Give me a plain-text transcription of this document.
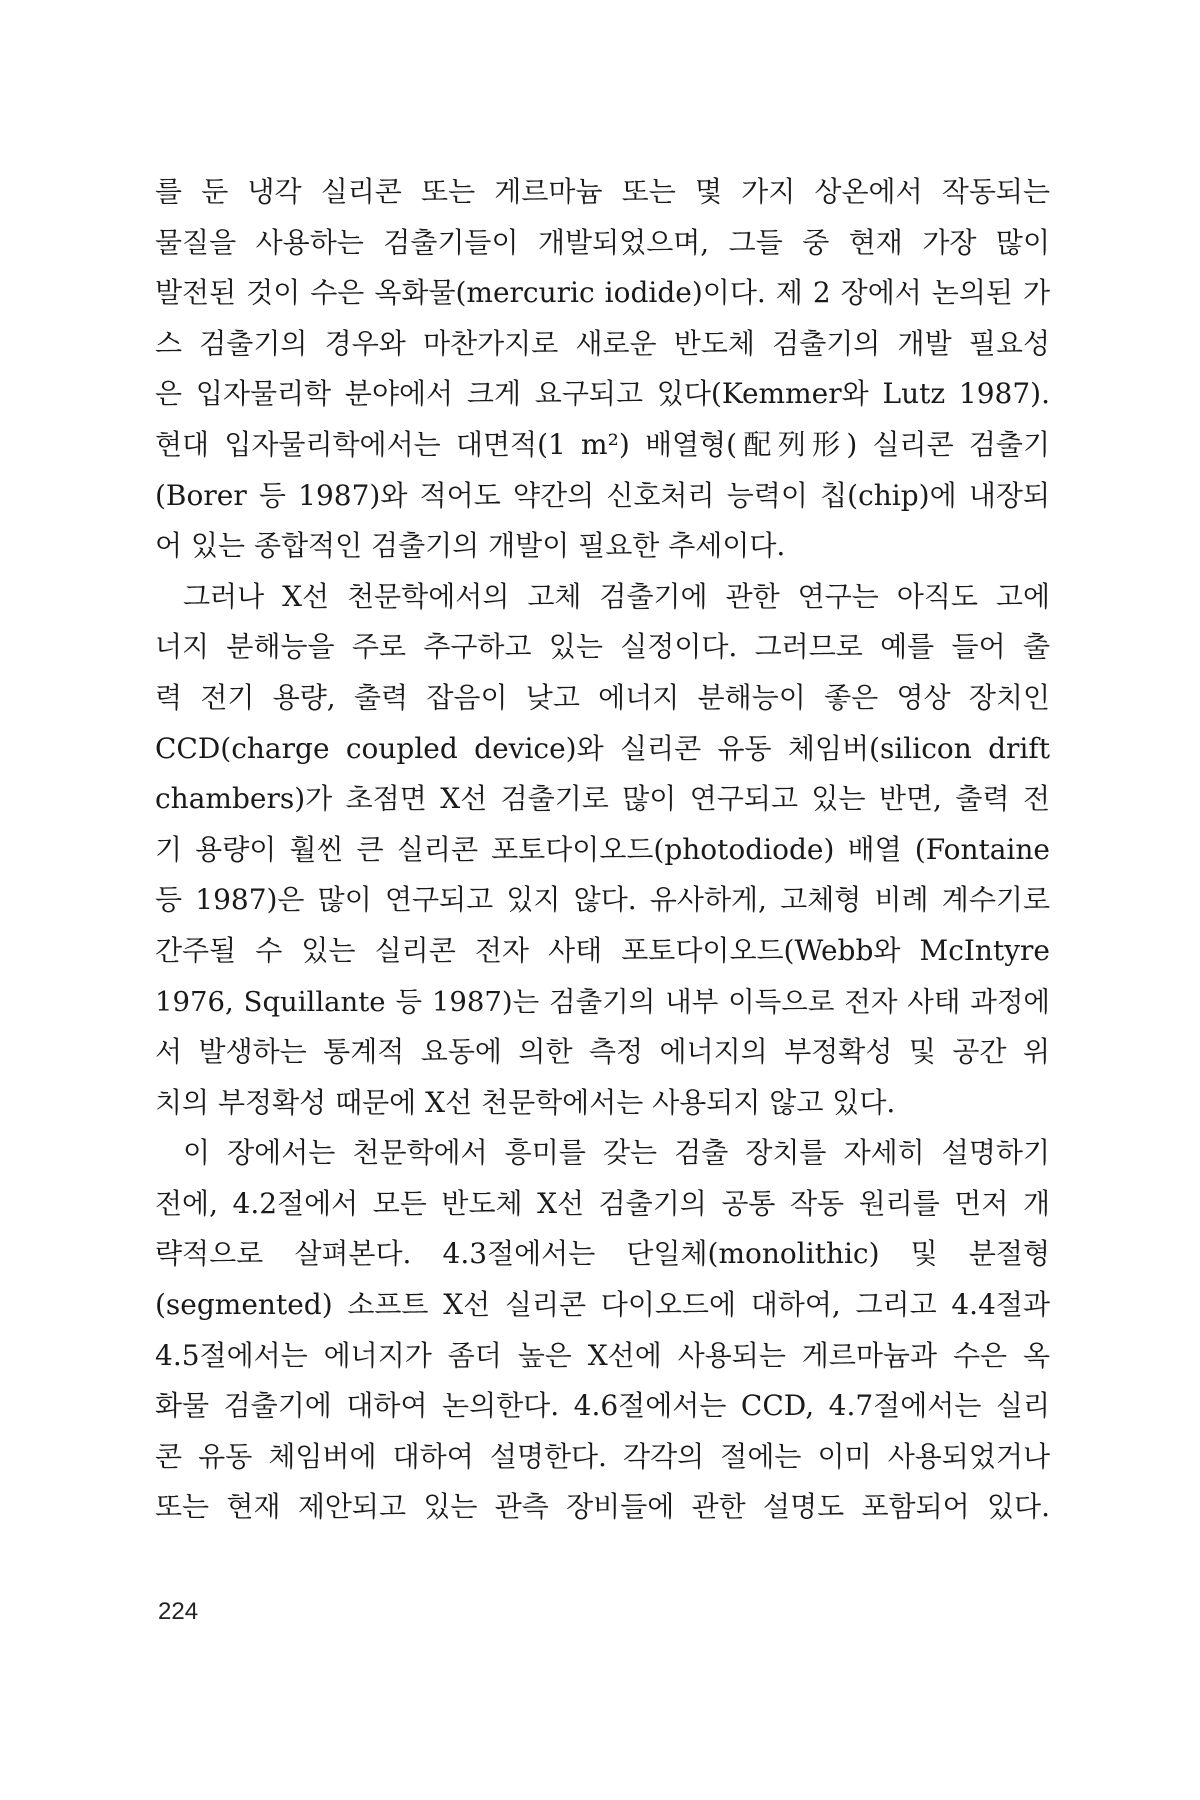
를 둔 냉각 실리콘 또는 게르마늄 또는 몇 가지 상온에서 작동되는
물질을 사용하는 검출기들이 개발되었으며, 그들 중 현재 가장 많이
발전된 것이 수은 옥화물(mercuric iodide)이다. 제 2 장에서 논의된 가
스 검출기의 경우와 마찬가지로 새로운 반도체 검출기의 개발 필요성
은 입자물리학 분야에서 크게 요구되고 있다(Kemmer와 Lutz 1987).
현대 입자물리학에서는 대면적(1 m²) 배열형(配列形) 실리콘 검출기
(Borer 등 1987)와 적어도 약간의 신호처리 능력이 칩(chip)에 내장되
어 있는 종합적인 검출기의 개발이 필요한 추세이다.
그러나 X선 천문학에서의 고체 검출기에 관한 연구는 아직도 고에
너지 분해능을 주로 추구하고 있는 실정이다. 그러므로 예를 들어 출
력 전기 용량, 출력 잡음이 낮고 에너지 분해능이 좋은 영상 장치인
CCD(charge coupled device)와 실리콘 유동 체임버(silicon drift
chambers)가 초점면 X선 검출기로 많이 연구되고 있는 반면, 출력 전
기 용량이 훨씬 큰 실리콘 포토다이오드(photodiode) 배열 (Fontaine
등 1987)은 많이 연구되고 있지 않다. 유사하게, 고체형 비례 계수기로
간주될 수 있는 실리콘 전자 사태 포토다이오드(Webb와 McIntyre
1976, Squillante 등 1987)는 검출기의 내부 이득으로 전자 사태 과정에
서 발생하는 통계적 요동에 의한 측정 에너지의 부정확성 및 공간 위
치의 부정확성 때문에 X선 천문학에서는 사용되지 않고 있다.
이 장에서는 천문학에서 흥미를 갖는 검출 장치를 자세히 설명하기
전에, 4.2절에서 모든 반도체 X선 검출기의 공통 작동 원리를 먼저 개
략적으로 살펴본다. 4.3절에서는 단일체(monolithic) 및 분절형
(segmented) 소프트 X선 실리콘 다이오드에 대하여, 그리고 4.4절과
4.5절에서는 에너지가 좀더 높은 X선에 사용되는 게르마늄과 수은 옥
화물 검출기에 대하여 논의한다. 4.6절에서는 CCD, 4.7절에서는 실리
콘 유동 체임버에 대하여 설명한다. 각각의 절에는 이미 사용되었거나
또는 현재 제안되고 있는 관측 장비들에 관한 설명도 포함되어 있다.
224
